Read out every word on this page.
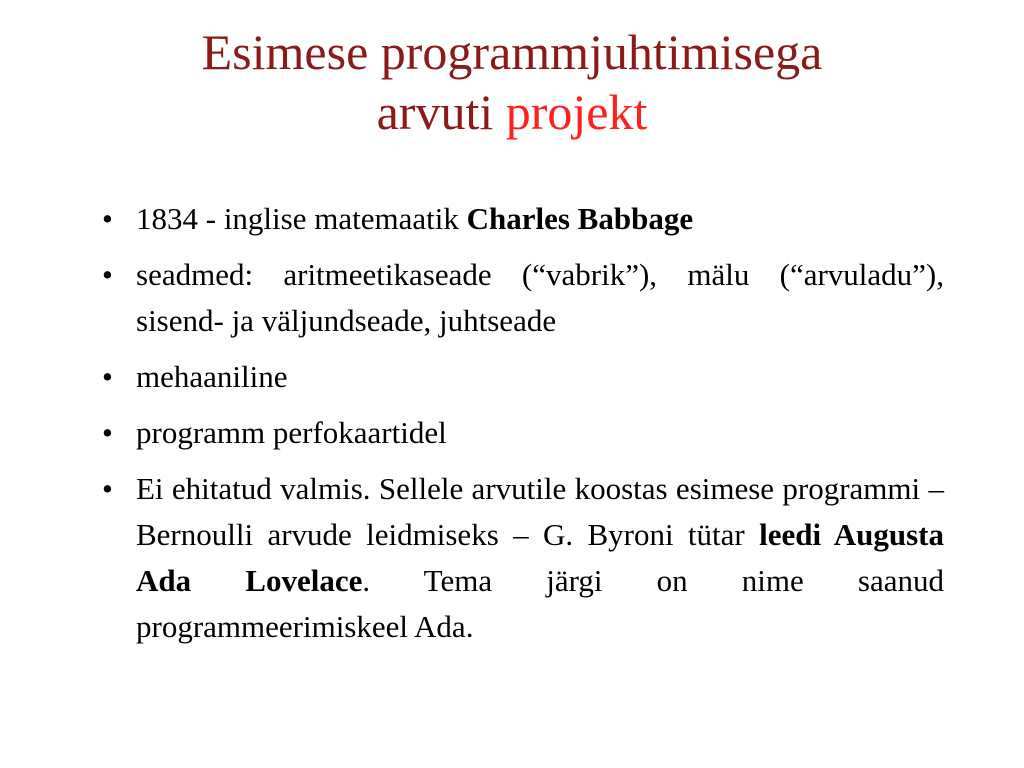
Esimese programmjuhtimisega
arvuti projekt
• 1834 - inglise matemaatik Charles Babbage
• seadmed: aritmeetikaseade (“vabrik”), mälu (“arvuladu”), sisend- ja väljundseade, juhtseade
• mehaaniline
• programm perfokaartidel
• Ei ehitatud valmis. Sellele arvutile koostas esimese programmi – Bernoulli arvude leidmiseks – G. Byroni tütar leedi Augusta Ada Lovelace. Tema järgi on nime saanud programmeerimiskeel Ada.
